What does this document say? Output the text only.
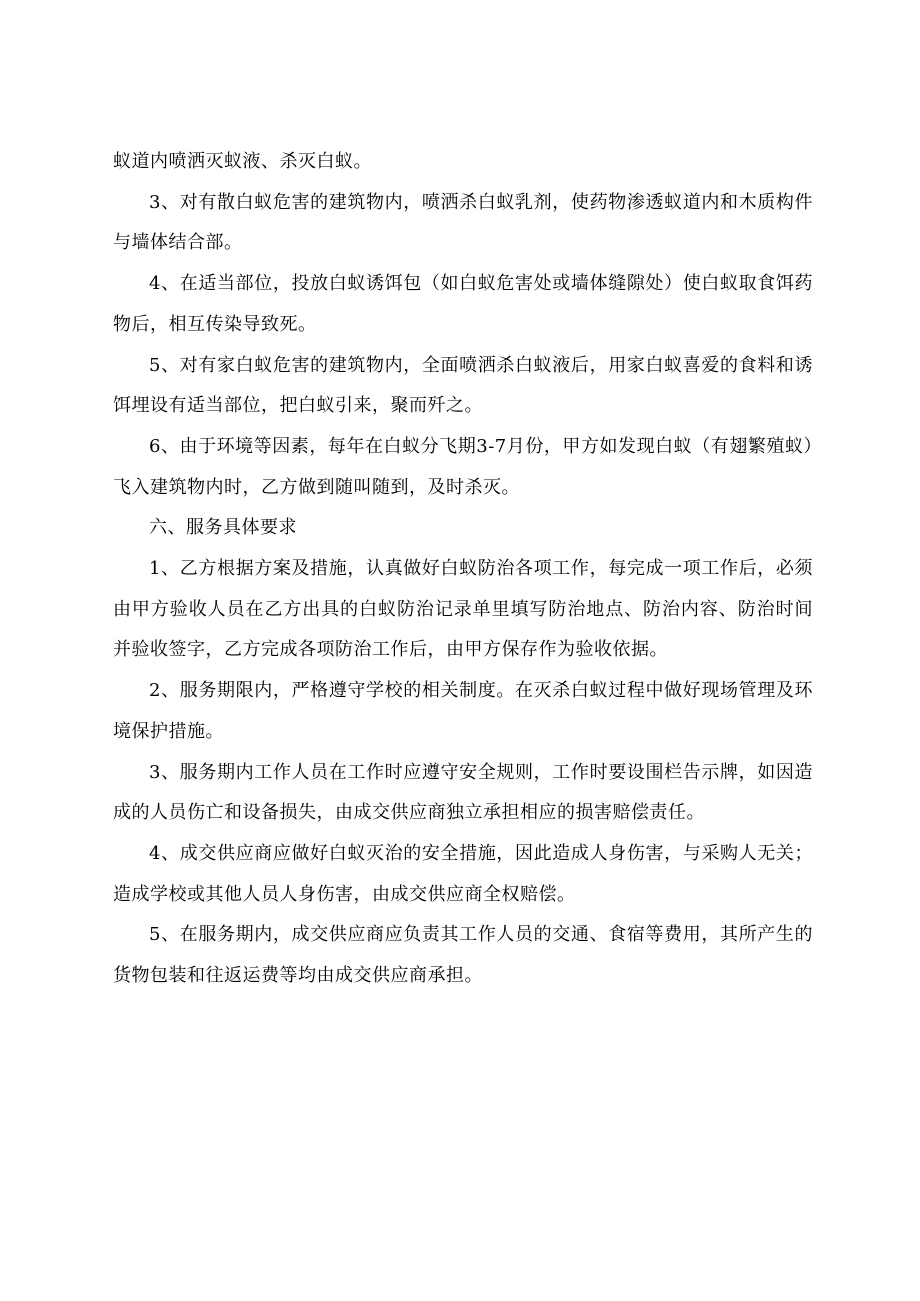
蚁道内喷洒灭蚁液、杀灭白蚁。

3、对有散白蚁危害的建筑物内，喷洒杀白蚁乳剂，使药物渗透蚁道内和木质构件与墙体结合部。

4、在适当部位，投放白蚁诱饵包（如白蚁危害处或墙体缝隙处）使白蚁取食饵药物后，相互传染导致死。

5、对有家白蚁危害的建筑物内，全面喷洒杀白蚁液后，用家白蚁喜爱的食料和诱饵埋设有适当部位，把白蚁引来，聚而歼之。

6、由于环境等因素，每年在白蚁分飞期3-7月份，甲方如发现白蚁（有翅繁殖蚁）飞入建筑物内时，乙方做到随叫随到，及时杀灭。

六、服务具体要求

1、乙方根据方案及措施，认真做好白蚁防治各项工作，每完成一项工作后，必须由甲方验收人员在乙方出具的白蚁防治记录单里填写防治地点、防治内容、防治时间并验收签字，乙方完成各项防治工作后，由甲方保存作为验收依据。

2、服务期限内，严格遵守学校的相关制度。在灭杀白蚁过程中做好现场管理及环境保护措施。

3、服务期内工作人员在工作时应遵守安全规则，工作时要设围栏告示牌，如因造成的人员伤亡和设备损失，由成交供应商独立承担相应的损害赔偿责任。

4、成交供应商应做好白蚁灭治的安全措施，因此造成人身伤害，与采购人无关；造成学校或其他人员人身伤害，由成交供应商全权赔偿。

5、在服务期内，成交供应商应负责其工作人员的交通、食宿等费用，其所产生的货物包装和往返运费等均由成交供应商承担。
